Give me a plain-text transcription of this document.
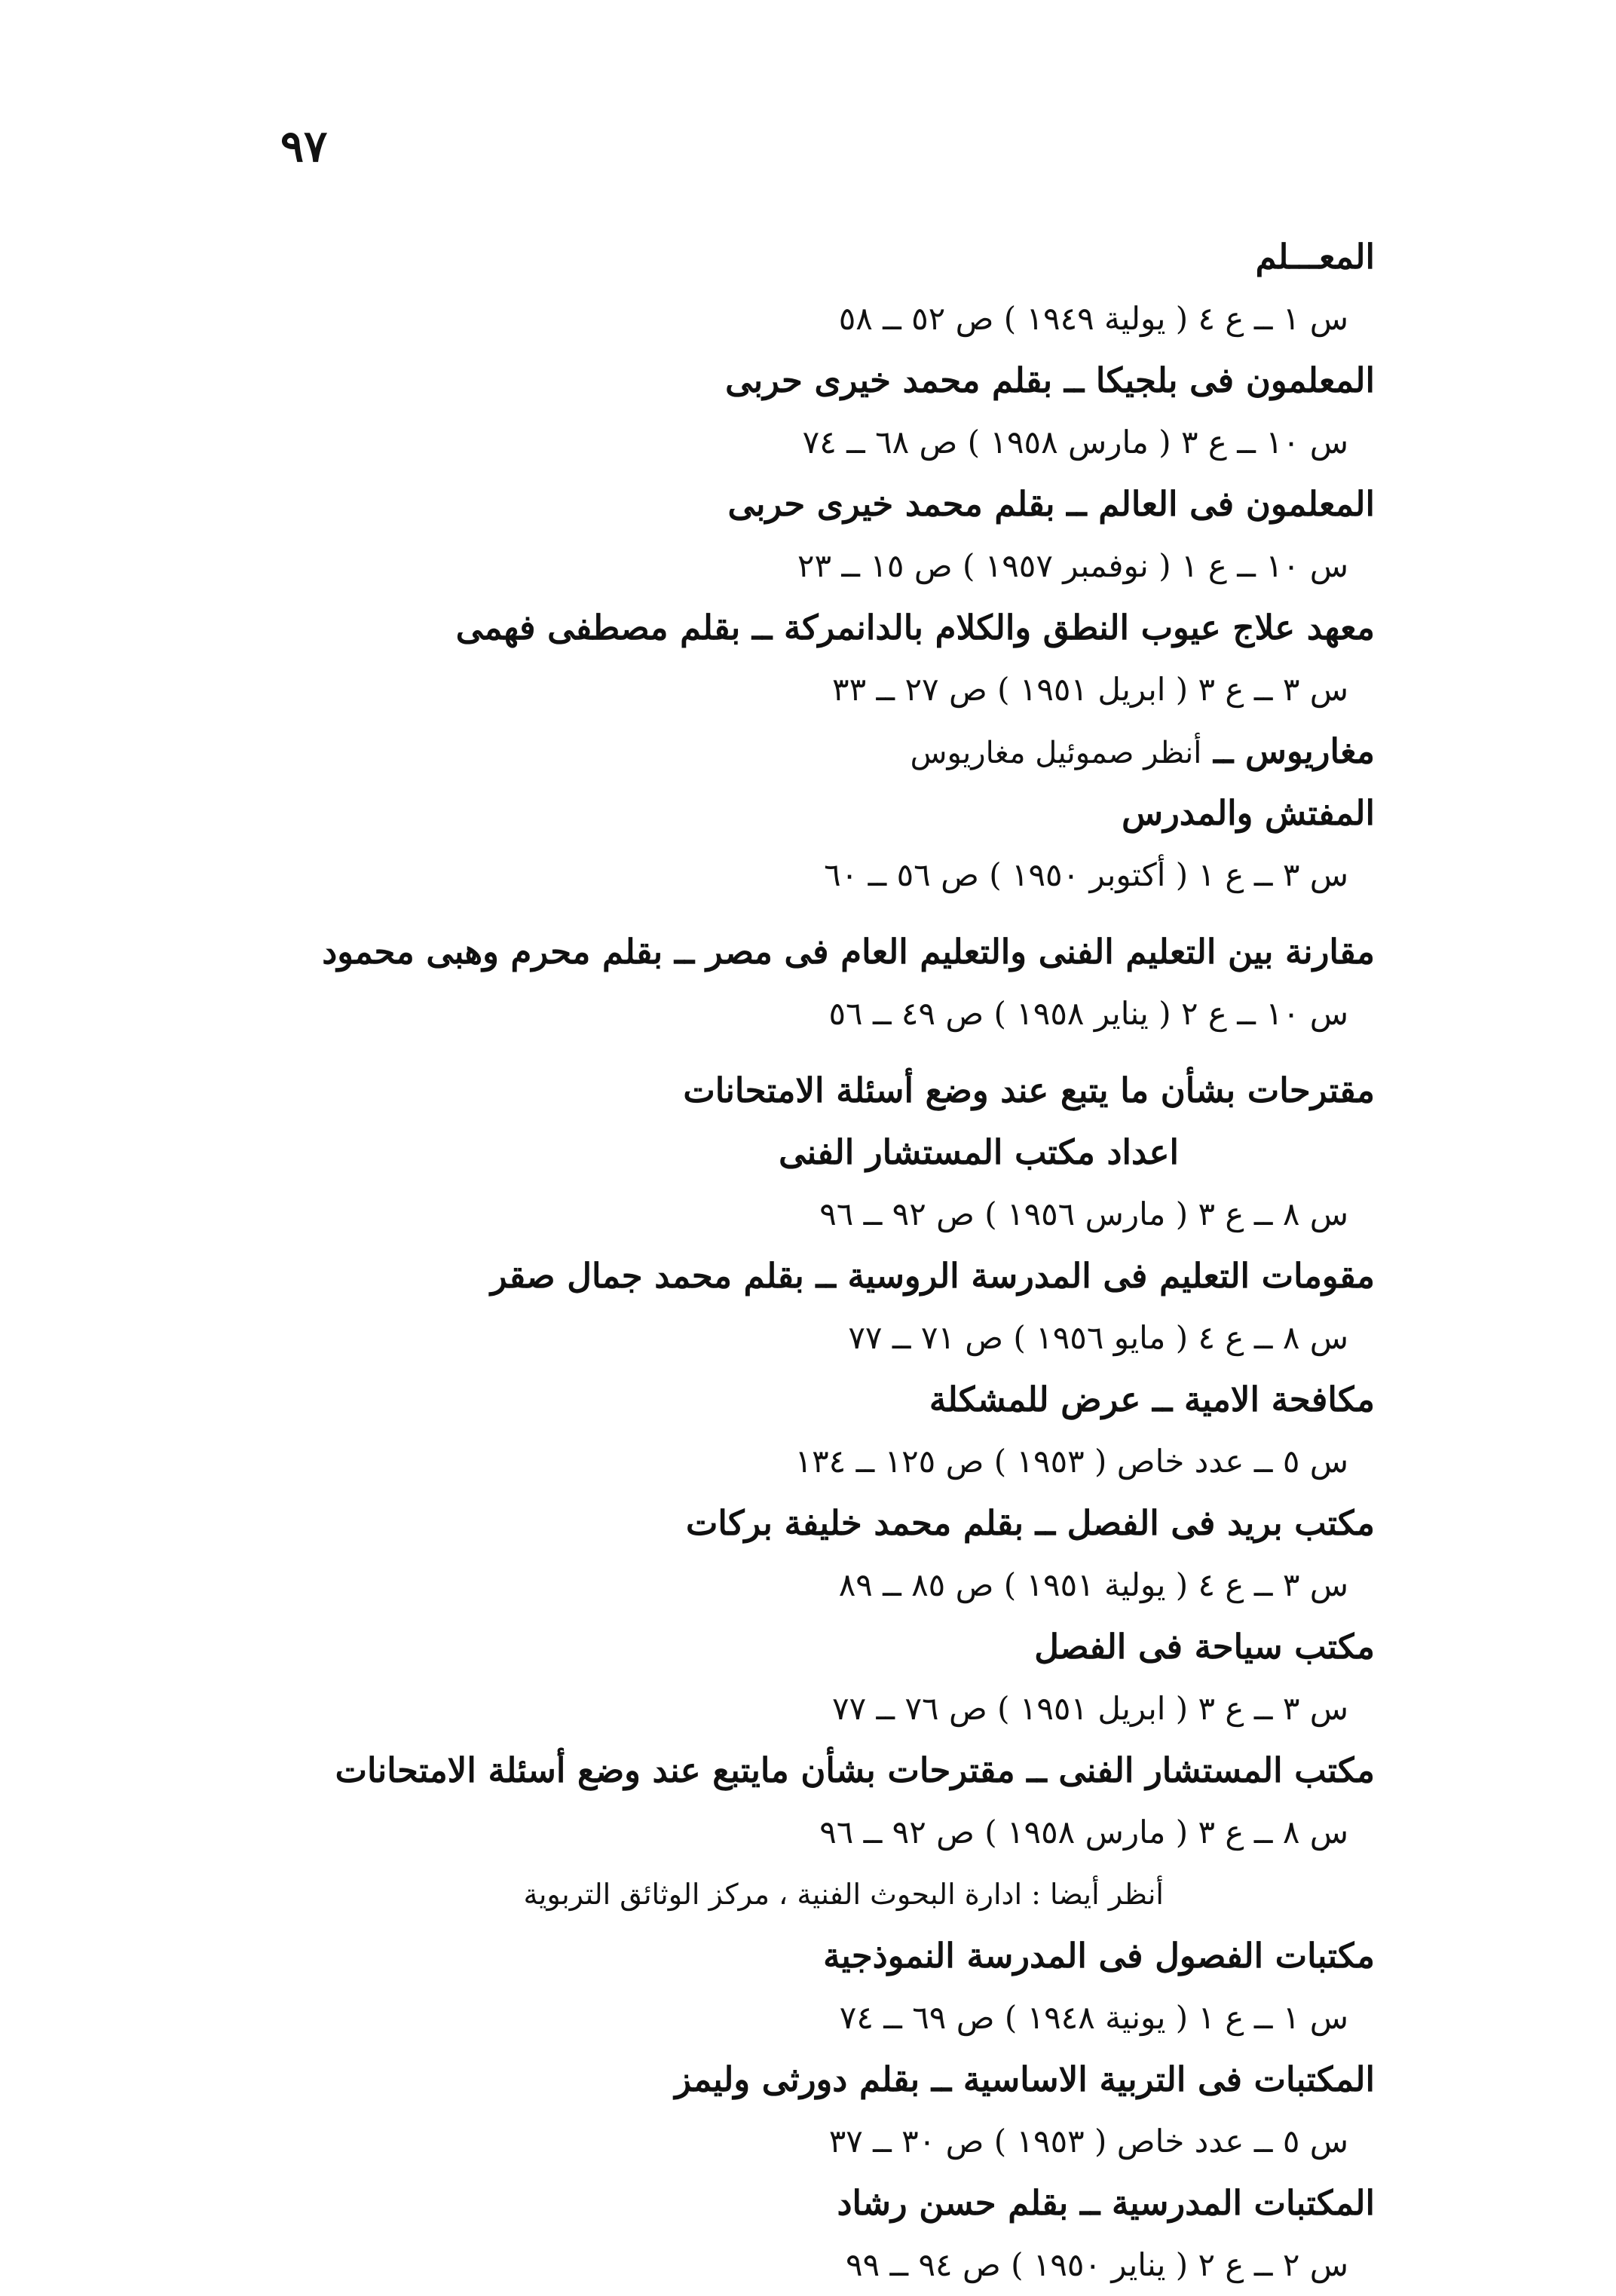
٩٧
المعـــلم
س ١ ــ ع ٤ ( يولية ١٩٤٩ ) ص ٥٢ ــ ٥٨
المعلمون فى بلجيكا ــ بقلم محمد خيرى حربى
س ١٠ ــ ع ٣ ( مارس ١٩٥٨ ) ص ٦٨ ــ ٧٤
المعلمون فى العالم ــ بقلم محمد خيرى حربى
س ١٠ ــ ع ١ ( نوفمبر ١٩٥٧ ) ص ١٥ ــ ٢٣
معهد علاج عيوب النطق والكلام بالدانمركة ــ بقلم مصطفى فهمى
س ٣ ــ ع ٣ ( ابريل ١٩٥١ ) ص ٢٧ ــ ٣٣
مغاريوس ــ أنظر صموئيل مغاريوس
المفتش والمدرس
س ٣ ــ ع ١ ( أكتوبر ١٩٥٠ ) ص ٥٦ ــ ٦٠
مقارنة بين التعليم الفنى والتعليم العام فى مصر ــ بقلم محرم وهبى محمود
س ١٠ ــ ع ٢ ( يناير ١٩٥٨ ) ص ٤٩ ــ ٥٦
مقترحات بشأن ما يتبع عند وضع أسئلة الامتحانات
اعداد مكتب المستشار الفنى
س ٨ ــ ع ٣ ( مارس ١٩٥٦ ) ص ٩٢ ــ ٩٦
مقومات التعليم فى المدرسة الروسية ــ بقلم محمد جمال صقر
س ٨ ــ ع ٤ ( مايو ١٩٥٦ ) ص ٧١ ــ ٧٧
مكافحة الامية ــ عرض للمشكلة
س ٥ ــ عدد خاص ( ١٩٥٣ ) ص ١٢٥ ــ ١٣٤
مكتب بريد فى الفصل ــ بقلم محمد خليفة بركات
س ٣ ــ ع ٤ ( يولية ١٩٥١ ) ص ٨٥ ــ ٨٩
مكتب سياحة فى الفصل
س ٣ ــ ع ٣ ( ابريل ١٩٥١ ) ص ٧٦ ــ ٧٧
مكتب المستشار الفنى ــ مقترحات بشأن مايتبع عند وضع أسئلة الامتحانات
س ٨ ــ ع ٣ ( مارس ١٩٥٨ ) ص ٩٢ ــ ٩٦
أنظر أيضا : ادارة البحوث الفنية ، مركز الوثائق التربوية
مكتبات الفصول فى المدرسة النموذجية
س ١ ــ ع ١ ( يونية ١٩٤٨ ) ص ٦٩ ــ ٧٤
المكتبات فى التربية الاساسية ــ بقلم دورثى وليمز
س ٥ ــ عدد خاص ( ١٩٥٣ ) ص ٣٠ ــ ٣٧
المكتبات المدرسية ــ بقلم حسن رشاد
س ٢ ــ ع ٢ ( يناير ١٩٥٠ ) ص ٩٤ ــ ٩٩
